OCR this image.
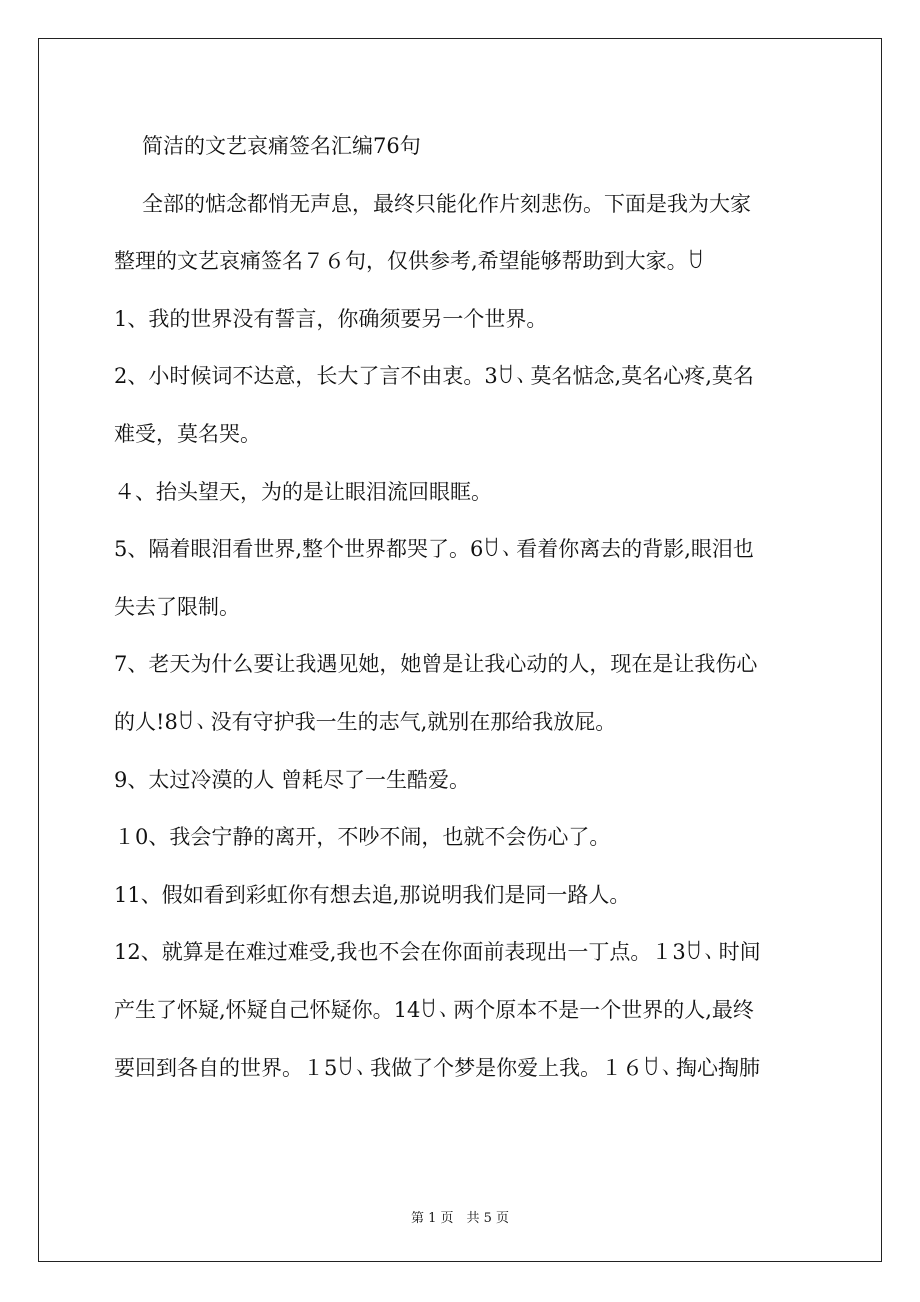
简洁的文艺哀痛签名汇编76句
全部的惦念都悄无声息，最终只能化作片刻悲伤。下面是我为大家
整理的文艺哀痛签名７６句，仅供参考,希望能够帮助到大家。ꇴ
1、我的世界没有誓言，你确须要另一个世界。
2、小时候词不达意，长大了言不由衷。3ꇴ、莫名惦念,莫名心疼,莫名
难受，莫名哭。
４、抬头望天，为的是让眼泪流回眼眶。
5、隔着眼泪看世界,整个世界都哭了。6ꇴ、看着你离去的背影,眼泪也
失去了限制。
7、老天为什么要让我遇见她，她曾是让我心动的人，现在是让我伤心
的人!8ꇴ、没有守护我一生的志气,就别在那给我放屁。
9、太过冷漠的人 曾耗尽了一生酷爱。
１0、我会宁静的离开，不吵不闹，也就不会伤心了。
11、假如看到彩虹你有想去追,那说明我们是同一路人。
12、就算是在难过难受,我也不会在你面前表现出一丁点。１3ꇴ、时间
产生了怀疑,怀疑自己怀疑你。14ꇴ、两个原本不是一个世界的人,最终
要回到各自的世界。１5ꇴ、我做了个梦是你爱上我。１６ꇴ、掏心掏肺
第 1 页　共 5 页
